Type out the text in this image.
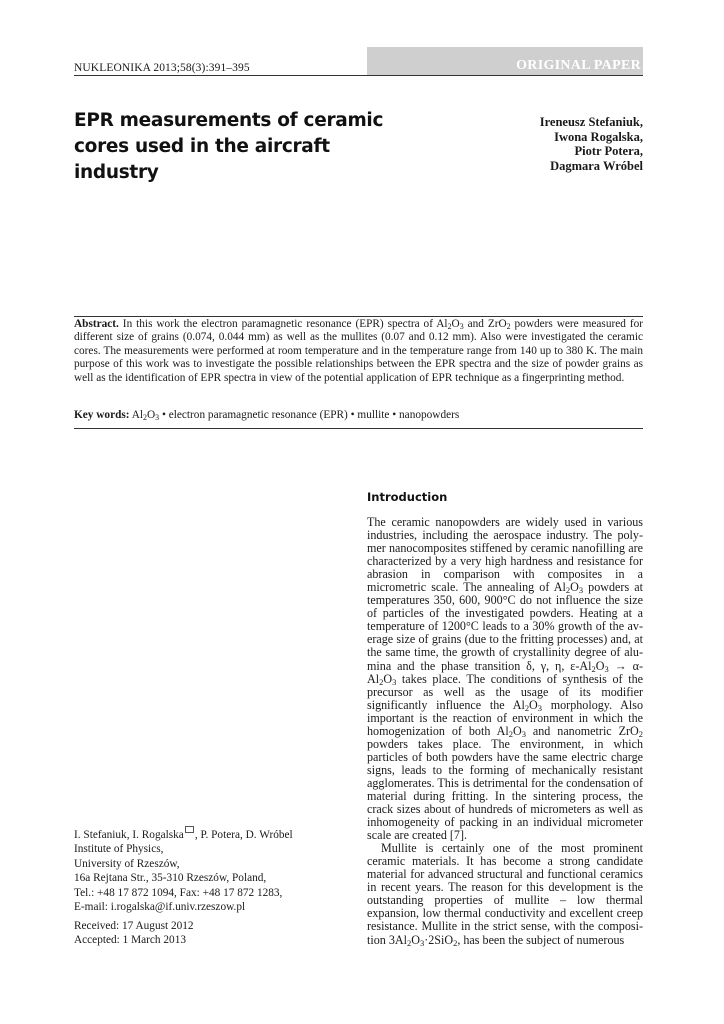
NUKLEONIKA 2013;58(3):391–395	ORIGINAL PAPER
EPR measurements of ceramic cores used in the aircraft industry
Ireneusz Stefaniuk,
Iwona Rogalska,
Piotr Potera,
Dagmara Wróbel
Abstract. In this work the electron paramagnetic resonance (EPR) spectra of $Al_2O_3$ and ZrO$_2$ powders were measured for different size of grains (0.074, 0.044 mm) as well as the mullites (0.07 and 0.12 mm). Also were investigated the ceramic cores. The measurements were performed at room temperature and in the temperature range from 140 up to 380 K. The main purpose of this work was to investigate the possible relationships between the EPR spectra and the size of powder grains as well as the identification of EPR spectra in view of the potential application of EPR technique as a fingerprinting method.
Key words: $Al_2O_3$ • electron paramagnetic resonance (EPR) • mullite • nanopowders
Introduction

The ceramic nanopowders are widely used in various industries, including the aerospace industry. The polymer nanocomposites stiffened by ceramic nanofilling are characterized by a very high hardness and resistance for abrasion in comparison with composites in a micrometric scale. The annealing of $Al_2O_3$ powders at temperatures 350, 600, 900°C do not influence the size of particles of the investigated powders. Heating at a temperature of 1200°C leads to a 30% growth of the average size of grains (due to the fritting processes) and, at the same time, the growth of crystallinity degree of alumina and the phase transition δ, γ, η, $\varepsilon-Al_2O_3 \to \alpha-Al_2O_3$ takes place. The conditions of synthesis of the precursor as well as the usage of its modifier significantly influence the $Al_2O_3$ morphology. Also important is the reaction of environment in which the homogenization of both $Al_2O_3$ and nanometric ZrO$_2$ powders takes place. The environment, in which particles of both powders have the same electric charge signs, leads to the forming of mechanically resistant agglomerates. This is detrimental for the condensation of material during fritting. In the sintering process, the crack sizes about of hundreds of micrometers as well as inhomogeneity of packing in an individual micrometer scale are created [7].

Mullite is certainly one of the most prominent ceramic materials. It has become a strong candidate material for advanced structural and functional ceramics in recent years. The reason for this development is the outstanding properties of mullite – low thermal expansion, low thermal conductivity and excellent creep resistance. Mullite in the strict sense, with the composition $3Al_2O_3\cdot 2SiO_2$, has been the subject of numerous

I. Stefaniuk, I. Rogalska , P. Potera, D. Wróbel
Institute of Physics,
University of Rzeszów,
16a Rejtana Str., 35-310 Rzeszów, Poland,
Tel.: +48 17 872 1094, Fax: +48 17 872 1283,
E-mail: i.rogalska@if.univ.rzeszow.pl
Received: 17 August 2012
Accepted: 1 March 2013
